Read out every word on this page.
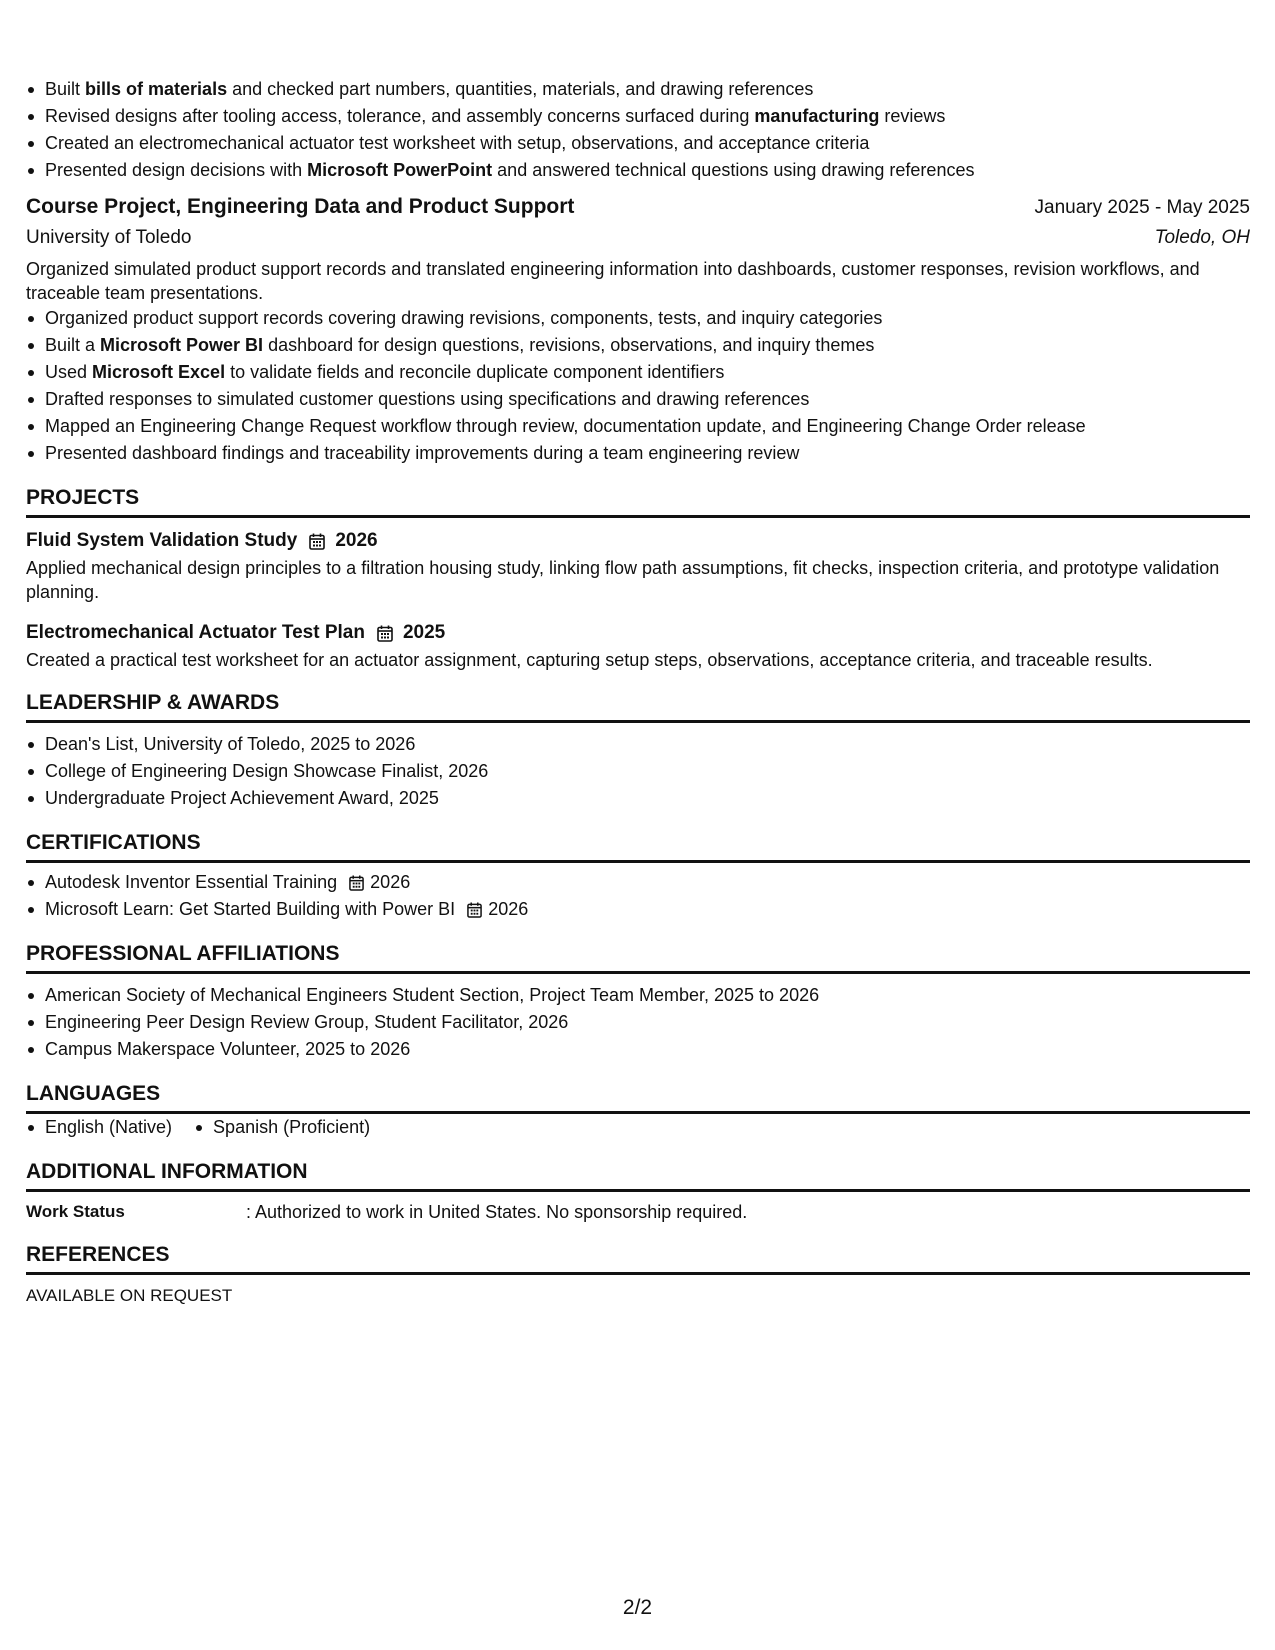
Built bills of materials and checked part numbers, quantities, materials, and drawing references
Revised designs after tooling access, tolerance, and assembly concerns surfaced during manufacturing reviews
Created an electromechanical actuator test worksheet with setup, observations, and acceptance criteria
Presented design decisions with Microsoft PowerPoint and answered technical questions using drawing references
Course Project, Engineering Data and Product Support	January 2025 - May 2025
University of Toledo	Toledo, OH
Organized simulated product support records and translated engineering information into dashboards, customer responses, revision workflows, and traceable team presentations.
Organized product support records covering drawing revisions, components, tests, and inquiry categories
Built a Microsoft Power BI dashboard for design questions, revisions, observations, and inquiry themes
Used Microsoft Excel to validate fields and reconcile duplicate component identifiers
Drafted responses to simulated customer questions using specifications and drawing references
Mapped an Engineering Change Request workflow through review, documentation update, and Engineering Change Order release
Presented dashboard findings and traceability improvements during a team engineering review
PROJECTS
Fluid System Validation Study 2026
Applied mechanical design principles to a filtration housing study, linking flow path assumptions, fit checks, inspection criteria, and prototype validation planning.
Electromechanical Actuator Test Plan 2025
Created a practical test worksheet for an actuator assignment, capturing setup steps, observations, acceptance criteria, and traceable results.
LEADERSHIP & AWARDS
Dean's List, University of Toledo, 2025 to 2026
College of Engineering Design Showcase Finalist, 2026
Undergraduate Project Achievement Award, 2025
CERTIFICATIONS
Autodesk Inventor Essential Training 2026
Microsoft Learn: Get Started Building with Power BI 2026
PROFESSIONAL AFFILIATIONS
American Society of Mechanical Engineers Student Section, Project Team Member, 2025 to 2026
Engineering Peer Design Review Group, Student Facilitator, 2026
Campus Makerspace Volunteer, 2025 to 2026
LANGUAGES
English (Native)	Spanish (Proficient)
ADDITIONAL INFORMATION
Work Status	: Authorized to work in United States. No sponsorship required.
REFERENCES
AVAILABLE ON REQUEST
2/2
